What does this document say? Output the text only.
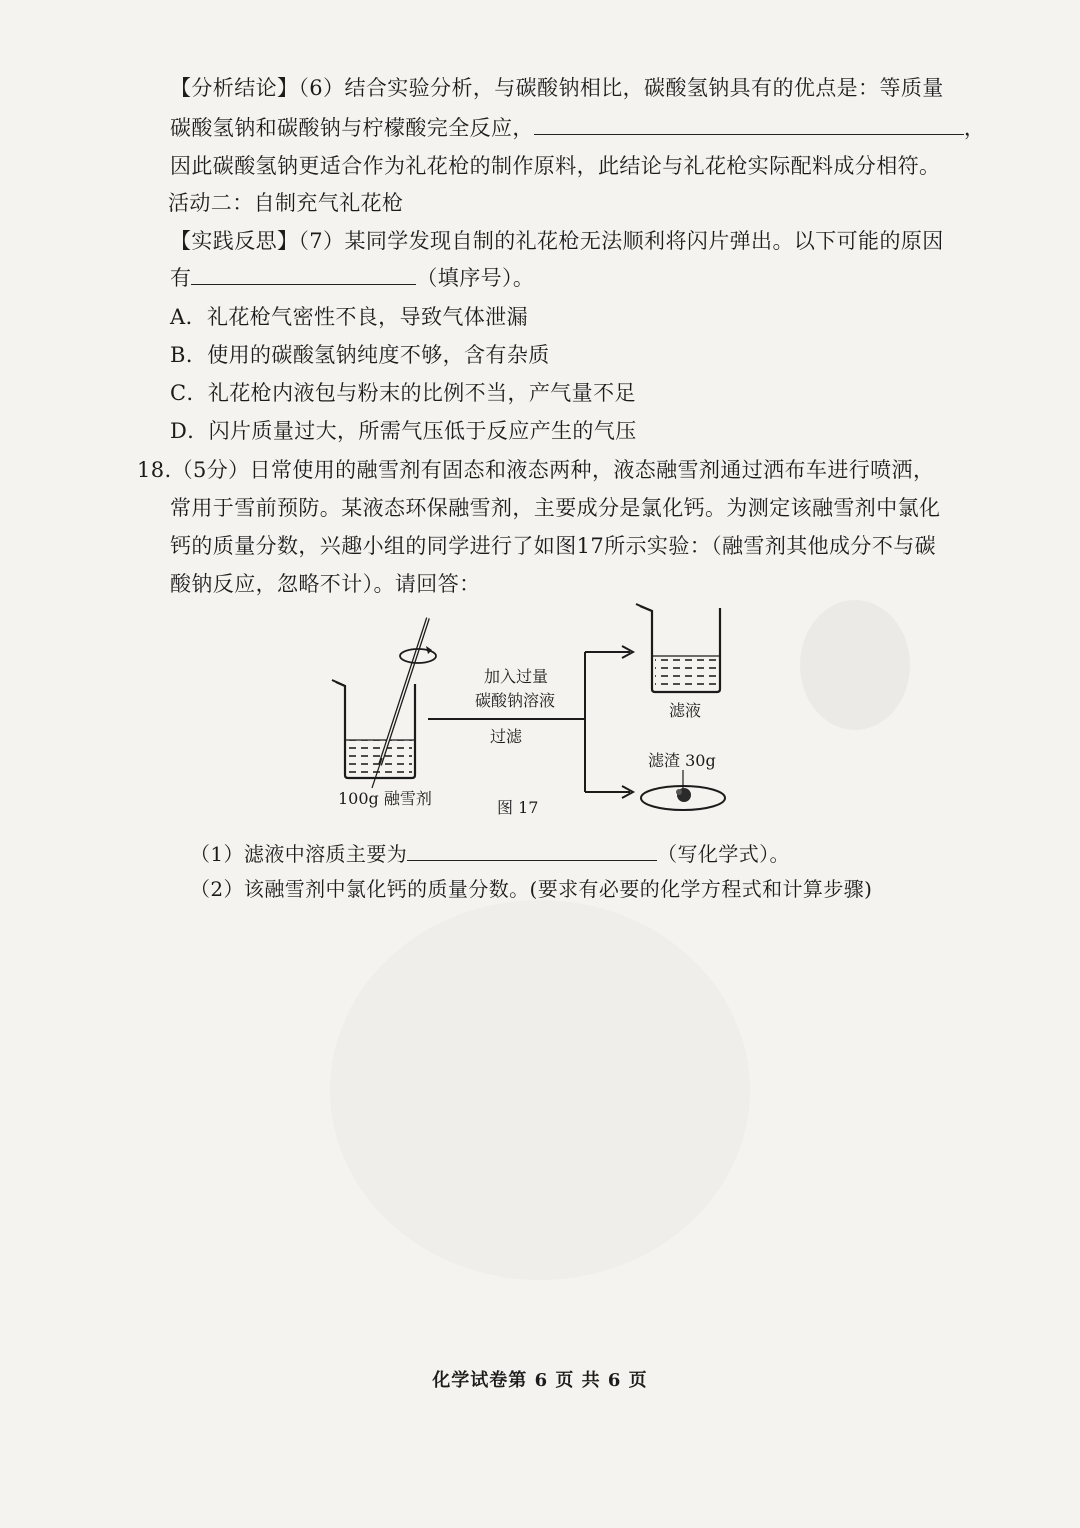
【分析结论】（6）结合实验分析，与碳酸钠相比，碳酸氢钠具有的优点是：等质量
碳酸氢钠和碳酸钠与柠檬酸完全反应，	，
因此碳酸氢钠更适合作为礼花枪的制作原料，此结论与礼花枪实际配料成分相符。
活动二：自制充气礼花枪
【实践反思】（7）某同学发现自制的礼花枪无法顺利将闪片弹出。以下可能的原因
有	（填序号）。
A．礼花枪气密性不良，导致气体泄漏
B．使用的碳酸氢钠纯度不够，含有杂质
C．礼花枪内液包与粉末的比例不当，产气量不足
D．闪片质量过大，所需气压低于反应产生的气压
18.（5分）日常使用的融雪剂有固态和液态两种，液态融雪剂通过洒布车进行喷洒，
常用于雪前预防。某液态环保融雪剂，主要成分是氯化钙。为测定该融雪剂中氯化
钙的质量分数，兴趣小组的同学进行了如图17所示实验：（融雪剂其他成分不与碳
酸钠反应，忽略不计）。请回答：
加入过量
碳酸钠溶液
过滤
滤液
滤渣 30g
100g 融雪剂	图 17
（1）滤液中溶质主要为	（写化学式）。
（2）该融雪剂中氯化钙的质量分数。(要求有必要的化学方程式和计算步骤)
化学试卷第 6 页 共 6 页
